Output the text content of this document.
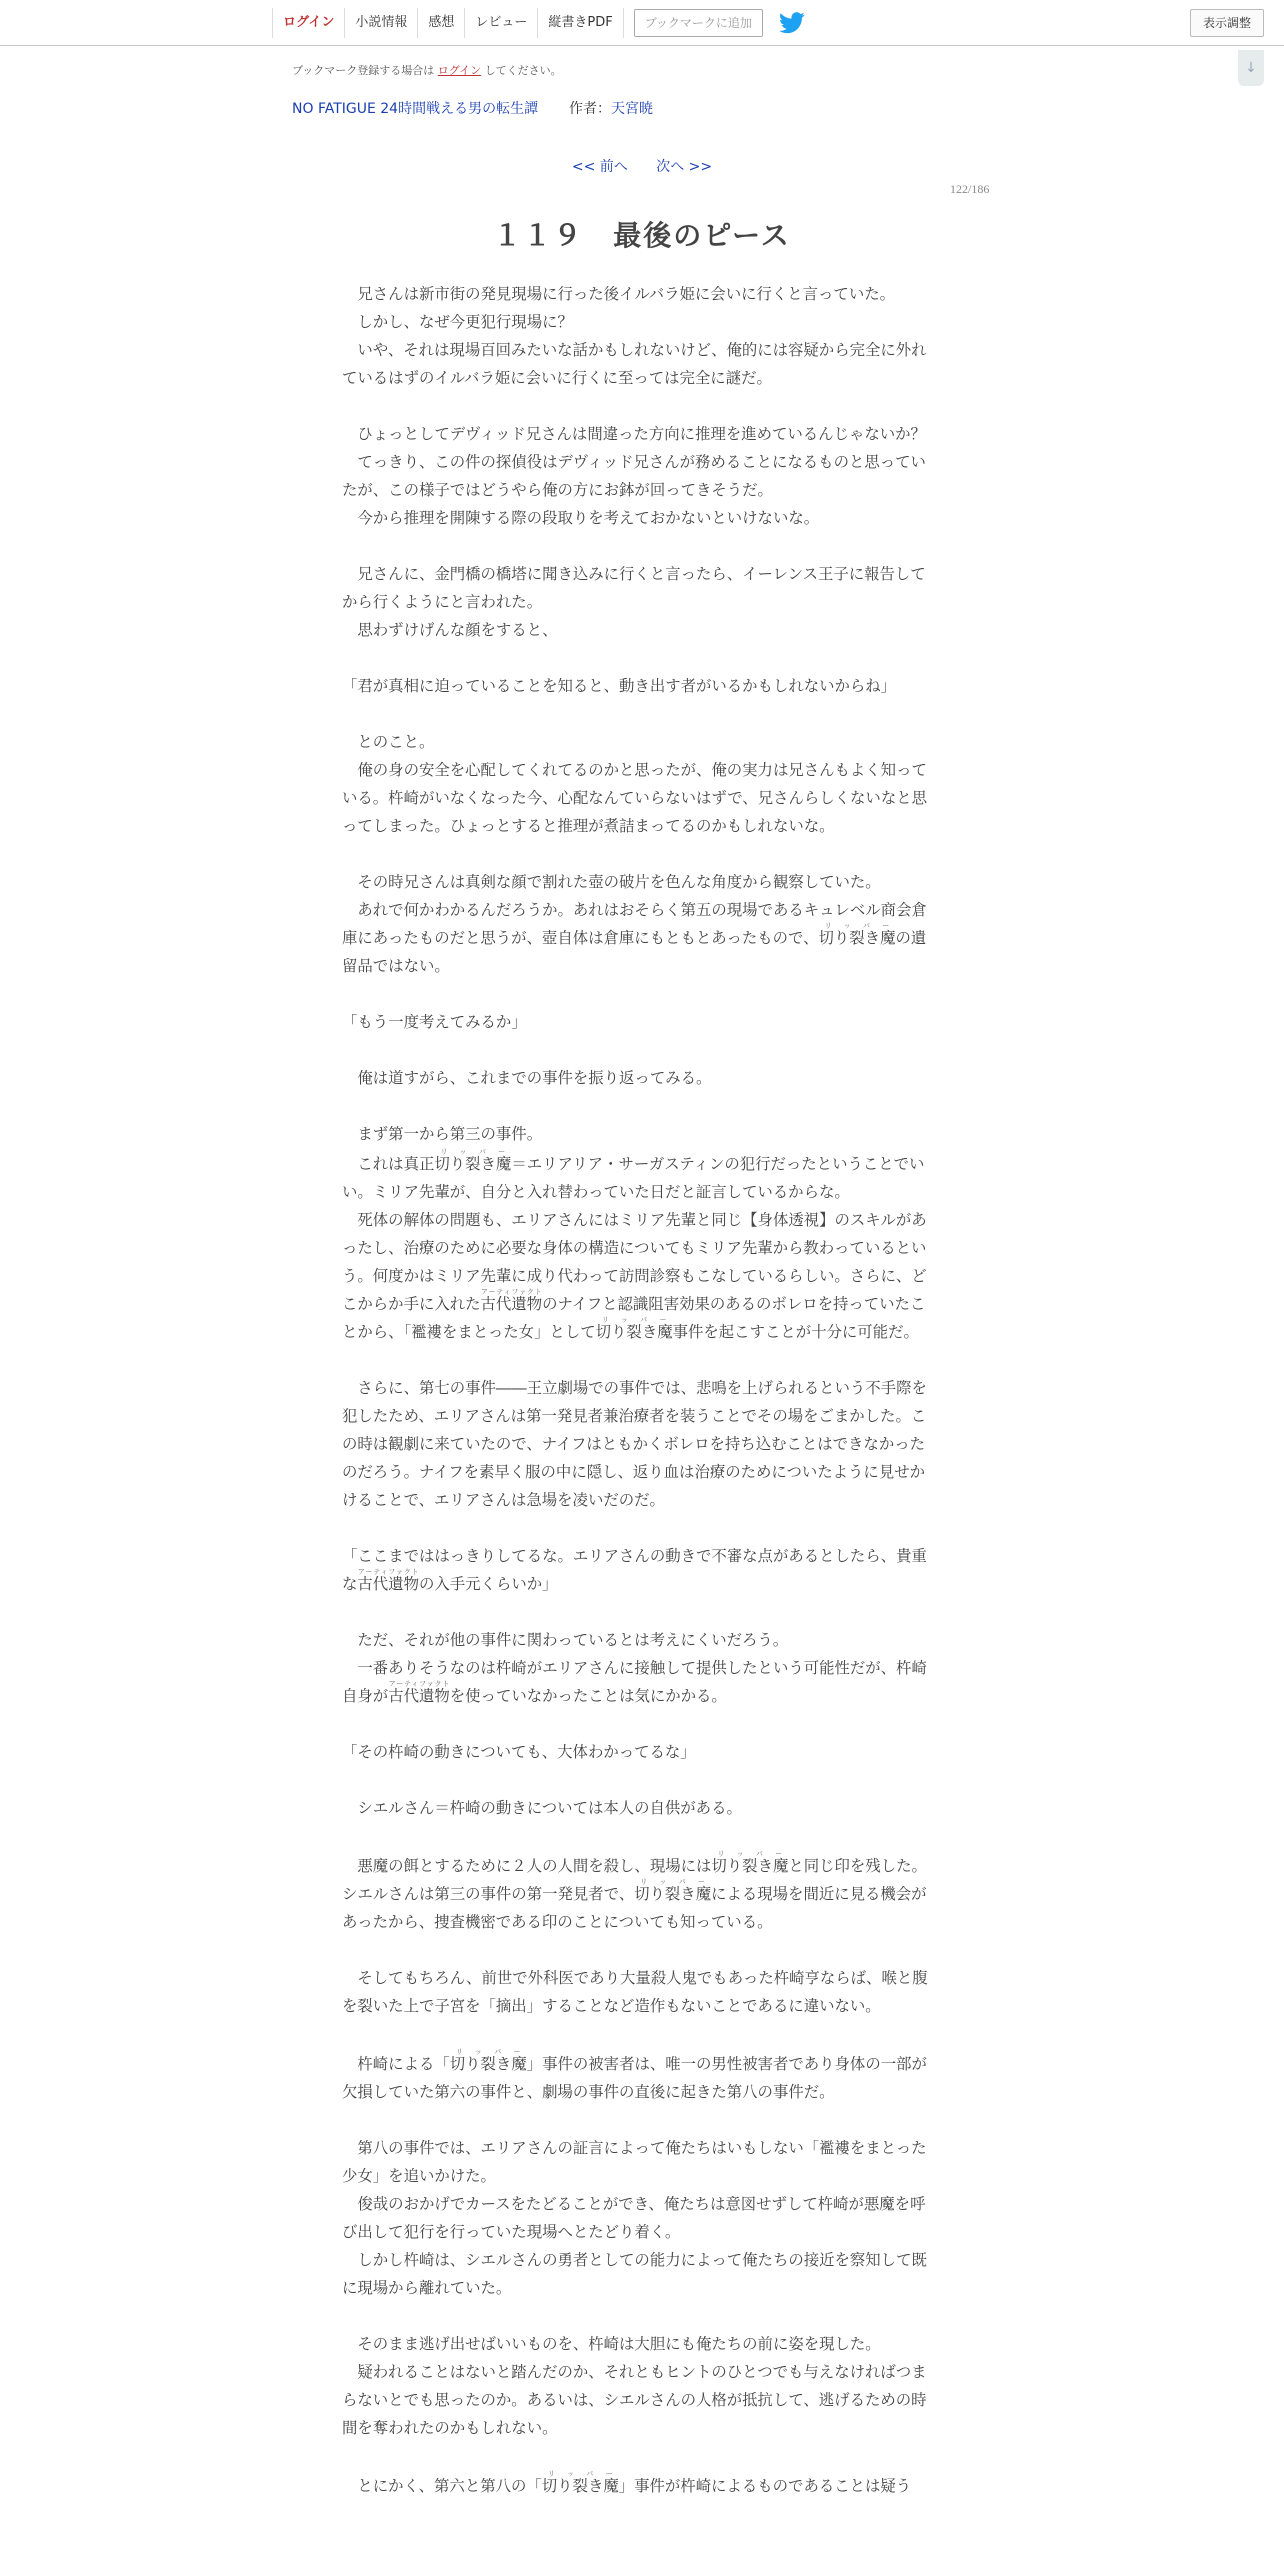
ログイン	小説情報	感想	レビュー	縦書きPDF	ブックマークに追加	表示調整
↓
ブックマーク登録する場合は ログイン してください。
NO FATIGUE 24時間戦える男の転生譚 作者：天宮暁
<< 前へ 次へ >>
122/186
１１９　最後のピース

　兄さんは新市街の発見現場に行った後イルバラ姫に会いに行くと言っていた。

　しかし、なぜ今更犯行現場に？

　いや、それは現場百回みたいな話かもしれないけど、俺的には容疑から完全に外れているはずのイルバラ姫に会いに行くに至っては完全に謎だ。

　ひょっとしてデヴィッド兄さんは間違った方向に推理を進めているんじゃないか？

　てっきり、この件の探偵役はデヴィッド兄さんが務めることになるものと思っていたが、この様子ではどうやら俺の方にお鉢が回ってきそうだ。

　今から推理を開陳する際の段取りを考えておかないといけないな。

　兄さんに、金門橋の橋塔に聞き込みに行くと言ったら、イーレンス王子に報告してから行くようにと言われた。

　思わずけげんな顔をすると、

「君が真相に迫っていることを知ると、動き出す者がいるかもしれないからね」

　とのこと。

　俺の身の安全を心配してくれてるのかと思ったが、俺の実力は兄さんもよく知っている。杵崎がいなくなった今、心配なんていらないはずで、兄さんらしくないなと思ってしまった。ひょっとすると推理が煮詰まってるのかもしれないな。

　その時兄さんは真剣な顔で割れた壺の破片を色んな角度から観察していた。

　あれで何かわかるんだろうか。あれはおそらく第五の現場であるキュレベル商会倉庫にあったものだと思うが、壺自体は倉庫にもともとあったもので、切り裂き魔リッパーの遺留品ではない。

「もう一度考えてみるか」

　俺は道すがら、これまでの事件を振り返ってみる。

　まず第一から第三の事件。

　これは真正切り裂き魔リッパー＝エリアリア・サーガスティンの犯行だったということでいい。ミリア先輩が、自分と入れ替わっていた日だと証言しているからな。

　死体の解体の問題も、エリアさんにはミリア先輩と同じ【身体透視】のスキルがあったし、治療のために必要な身体の構造についてもミリア先輩から教わっているという。何度かはミリア先輩に成り代わって訪問診察もこなしているらしい。さらに、どこからか手に入れた古代遺物アーティファクトのナイフと認識阻害効果のあるのボレロを持っていたことから、「襤褸をまとった女」として切り裂き魔リッパー事件を起こすことが十分に可能だ。

　さらに、第七の事件――王立劇場での事件では、悲鳴を上げられるという不手際を犯したため、エリアさんは第一発見者兼治療者を装うことでその場をごまかした。この時は観劇に来ていたので、ナイフはともかくボレロを持ち込むことはできなかったのだろう。ナイフを素早く服の中に隠し、返り血は治療のためについたように見せかけることで、エリアさんは急場を凌いだのだ。

「ここまでははっきりしてるな。エリアさんの動きで不審な点があるとしたら、貴重な古代遺物アーティファクトの入手元くらいか」

　ただ、それが他の事件に関わっているとは考えにくいだろう。

　一番ありそうなのは杵崎がエリアさんに接触して提供したという可能性だが、杵崎自身が古代遺物アーティファクトを使っていなかったことは気にかかる。

「その杵崎の動きについても、大体わかってるな」

　シエルさん＝杵崎の動きについては本人の自供がある。

　悪魔の餌とするために２人の人間を殺し、現場には切り裂き魔リッパーと同じ印を残した。シエルさんは第三の事件の第一発見者で、切り裂き魔リッパーによる現場を間近に見る機会があったから、捜査機密である印のことについても知っている。

　そしてもちろん、前世で外科医であり大量殺人鬼でもあった杵崎亨ならば、喉と腹を裂いた上で子宮を「摘出」することなど造作もないことであるに違いない。

　杵崎による「切り裂き魔リッパー」事件の被害者は、唯一の男性被害者であり身体の一部が欠損していた第六の事件と、劇場の事件の直後に起きた第八の事件だ。

　第八の事件では、エリアさんの証言によって俺たちはいもしない「襤褸をまとった少女」を追いかけた。

　俊哉のおかげでカースをたどることができ、俺たちは意図せずして杵崎が悪魔を呼び出して犯行を行っていた現場へとたどり着く。

　しかし杵崎は、シエルさんの勇者としての能力によって俺たちの接近を察知して既に現場から離れていた。

　そのまま逃げ出せばいいものを、杵崎は大胆にも俺たちの前に姿を現した。

　疑われることはないと踏んだのか、それともヒントのひとつでも与えなければつまらないとでも思ったのか。あるいは、シエルさんの人格が抵抗して、逃げるための時間を奪われたのかもしれない。

　とにかく、第六と第八の「切り裂き魔リッパー」事件が杵崎によるものであることは疑う
